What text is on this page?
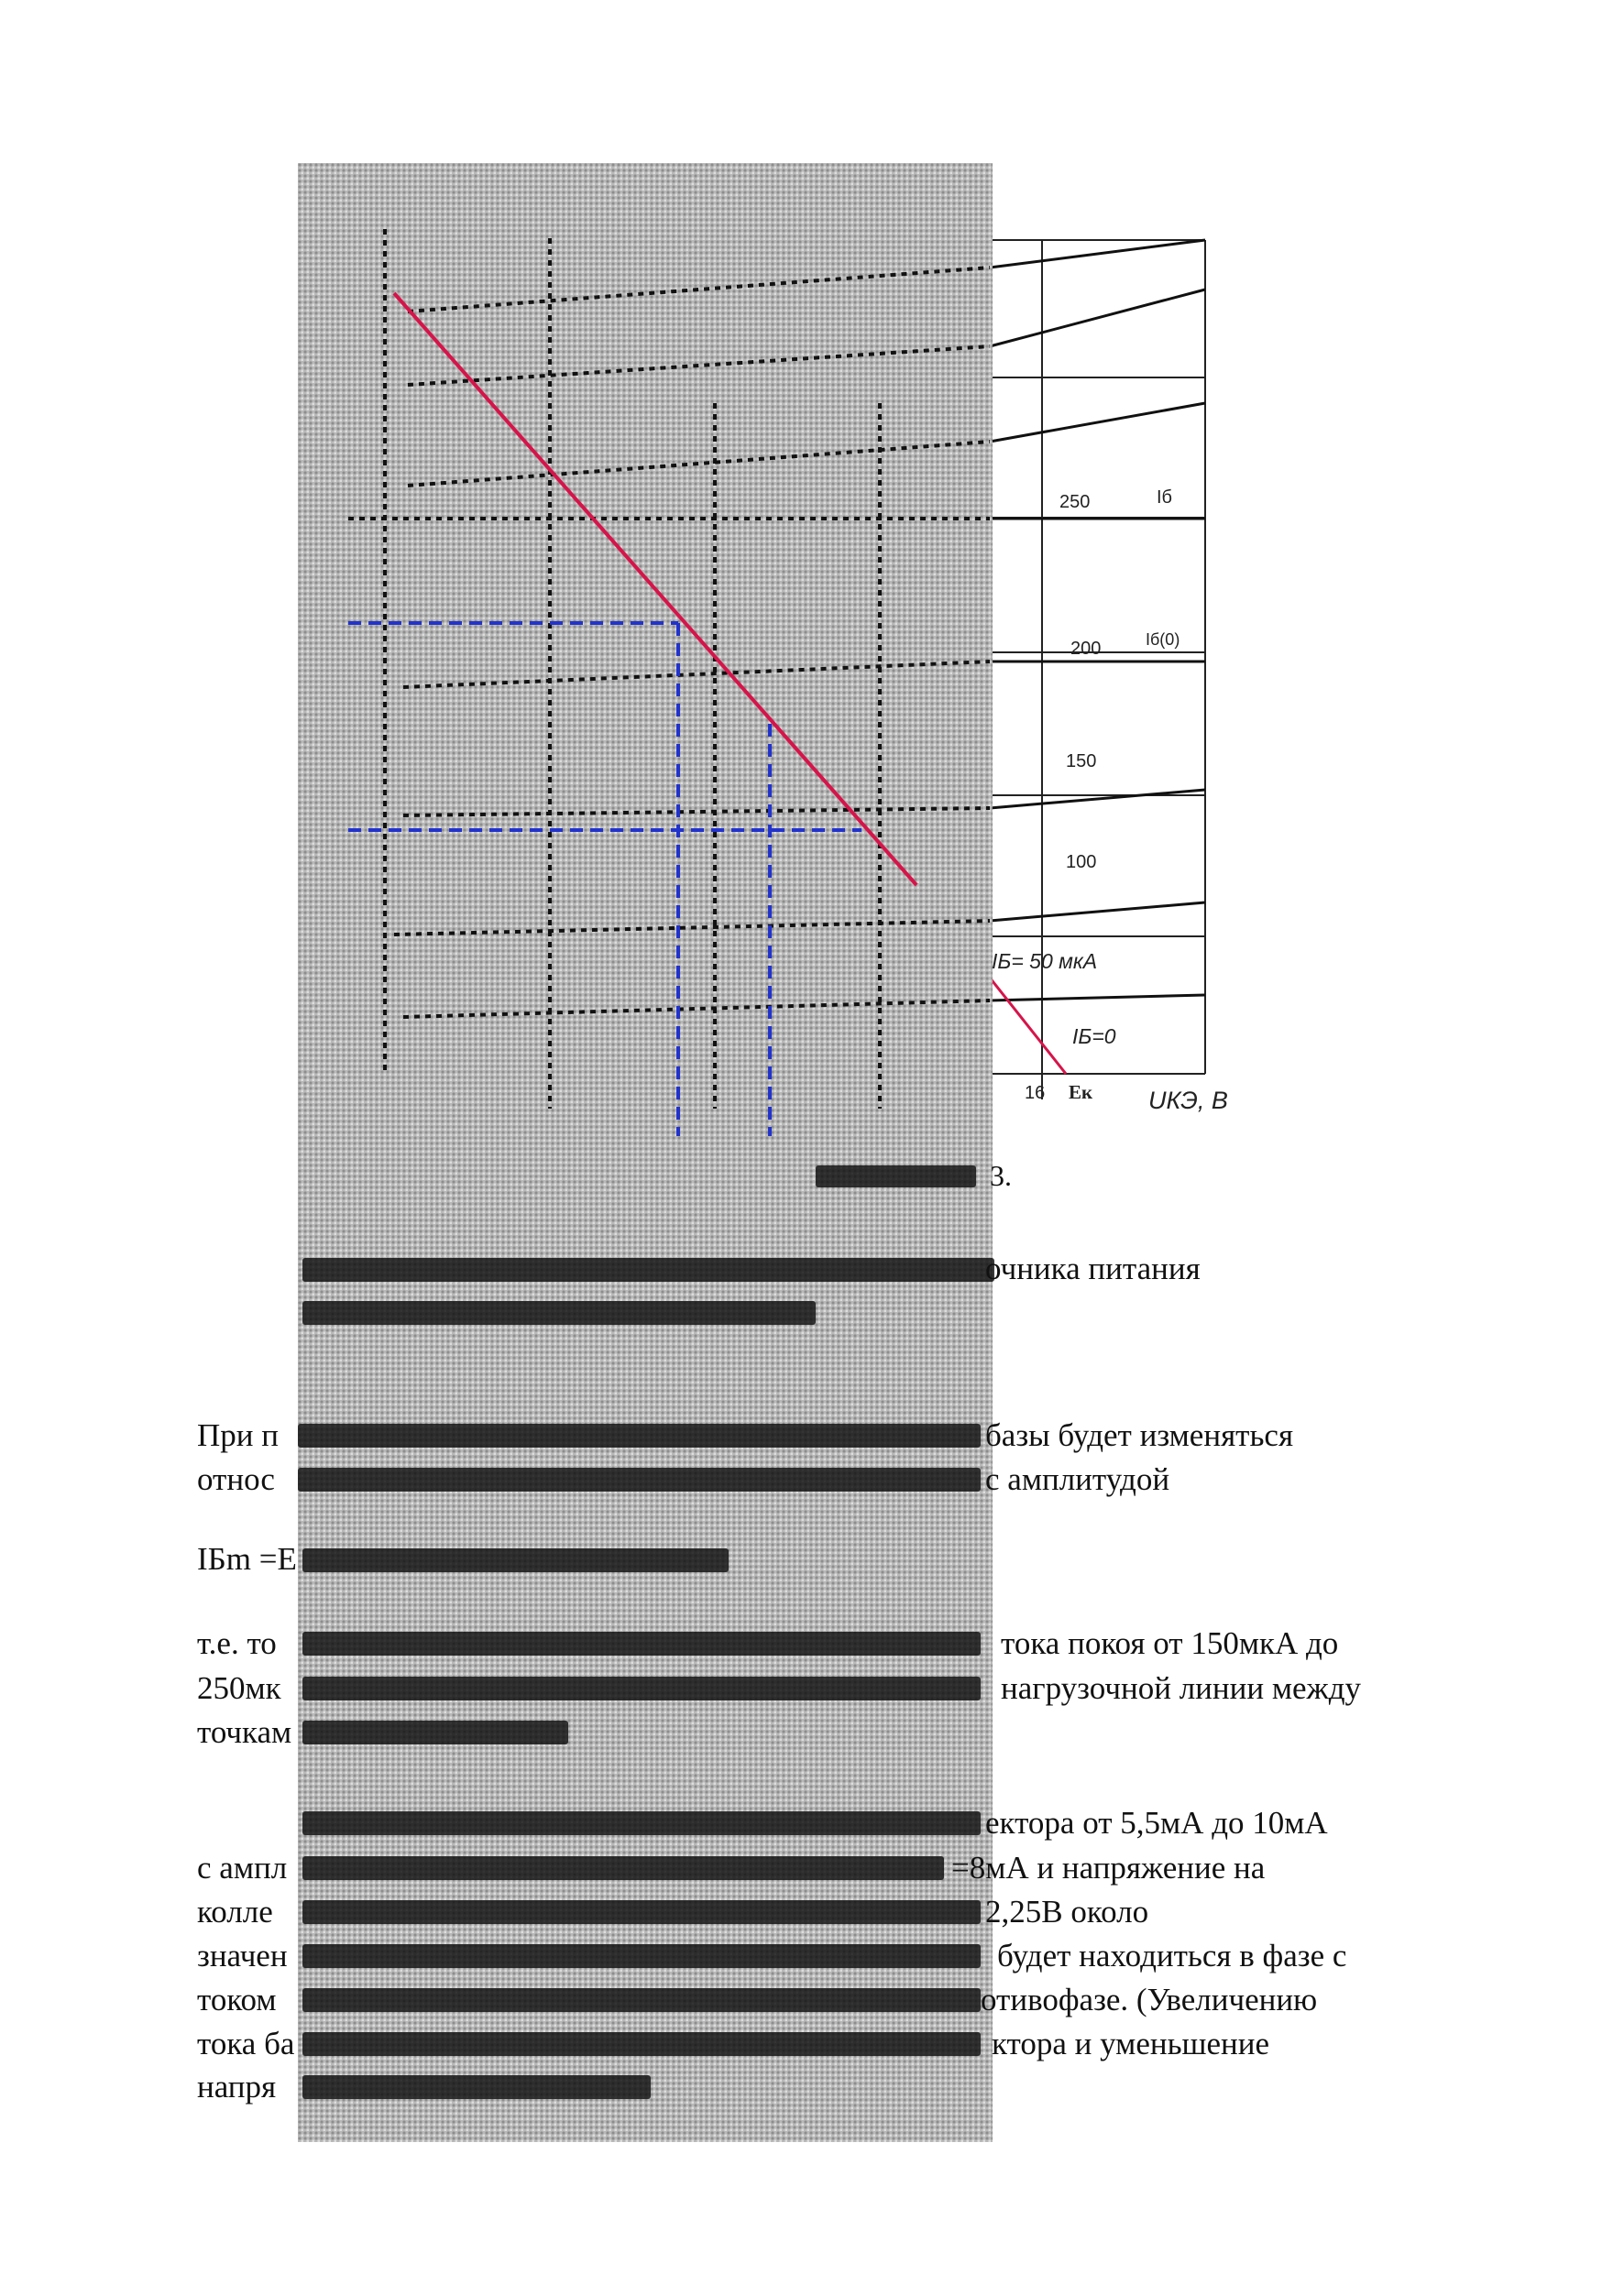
250	Iб
200	Iб(0)
150
100
IБ= 50 мкА
IБ=0
16 Ек UКЭ, В
3.
очника питания
При п	базы будет изменяться
относ	с амплитудой
IБm =E
т.е. то	тока покоя от 150мкА до
250мк	нагрузочной линии между
точкам
ектора от 5,5мА до 10мА
с ампл	=8мА и напряжение на
колле	2,25В около
значен	будет находиться в фазе с
током	отивофазе. (Увеличению
тока ба	ктора и уменьшение
напря
